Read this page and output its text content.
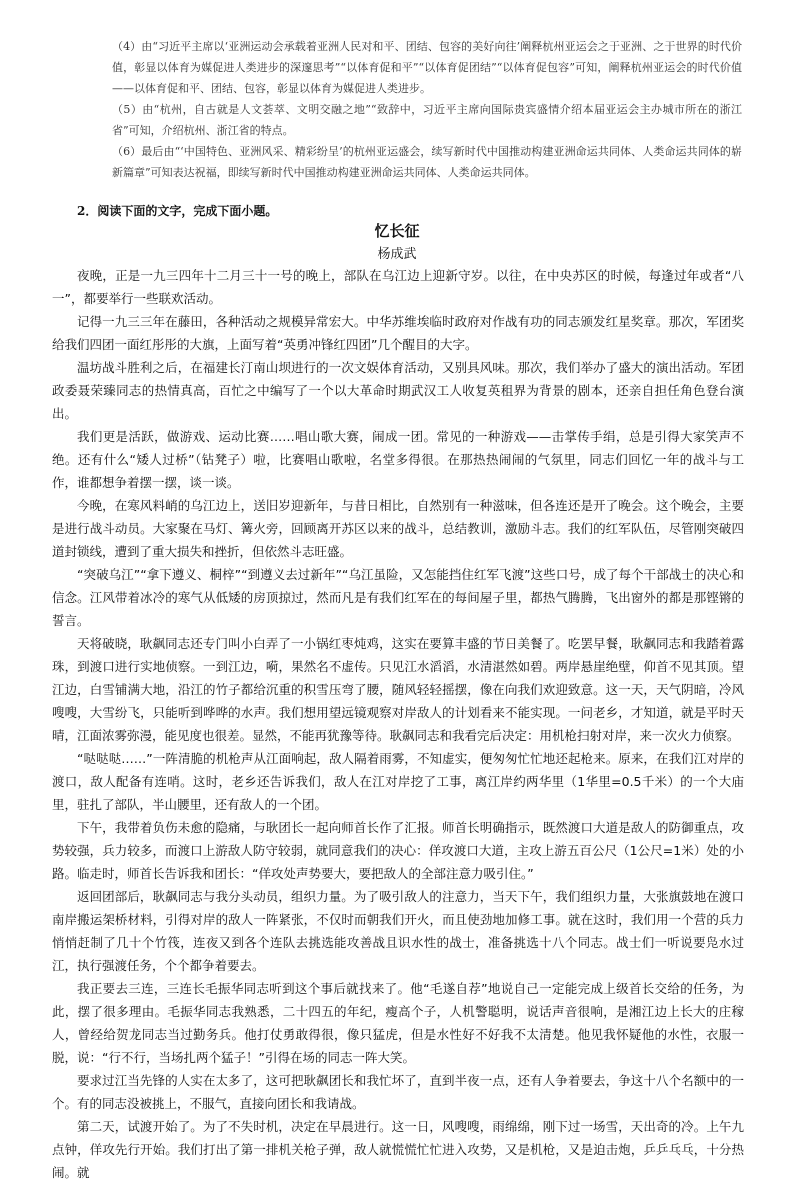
（4）由“习近平主席以‘亚洲运动会承载着亚洲人民对和平、团结、包容的美好向往’阐释杭州亚运会之于亚洲、之于世界的时代价值，彰显以体育为媒促进人类进步的深邃思考”“以体育促和平”“以体育促团结”“以体育促包容”可知，阐释杭州亚运会的时代价值——以体育促和平、团结、包容，彰显以体育为媒促进人类进步。

（5）由“杭州，自古就是人文荟萃、文明交融之地”“致辞中，习近平主席向国际贵宾盛情介绍本届亚运会主办城市所在的浙江省”可知，介绍杭州、浙江省的特点。

（6）最后由“‘中国特色、亚洲风采、精彩纷呈’的杭州亚运盛会，续写新时代中国推动构建亚洲命运共同体、人类命运共同体的崭新篇章”可知表达祝福，即续写新时代中国推动构建亚洲命运共同体、人类命运共同体。

2．阅读下面的文字，完成下面小题。
忆长征
杨成武

夜晚，正是一九三四年十二月三十一号的晚上，部队在乌江边上迎新守岁。以往，在中央苏区的时候，每逢过年或者“八一”，都要举行一些联欢活动。

记得一九三三年在藤田，各种活动之规模异常宏大。中华苏维埃临时政府对作战有功的同志颁发红星奖章。那次，军团奖给我们四团一面红彤彤的大旗，上面写着“英勇冲锋红四团”几个醒目的大字。

温坊战斗胜利之后，在福建长汀南山坝进行的一次文娱体育活动，又别具风味。那次，我们举办了盛大的演出活动。军团政委聂荣臻同志的热情真高，百忙之中编写了一个以大革命时期武汉工人收复英租界为背景的剧本，还亲自担任角色登台演出。

我们更是活跃，做游戏、运动比赛……唱山歌大赛，闹成一团。常见的一种游戏——击掌传手绢，总是引得大家笑声不绝。还有什么“矮人过桥”（钻凳子）啦，比赛唱山歌啦，名堂多得很。在那热热闹闹的气氛里，同志们回忆一年的战斗与工作，谁都想争着摆一摆，谈一谈。

今晚，在寒风料峭的乌江边上，送旧岁迎新年，与昔日相比，自然别有一种滋味，但各连还是开了晚会。这个晚会，主要是进行战斗动员。大家聚在马灯、篝火旁，回顾离开苏区以来的战斗，总结教训，激励斗志。我们的红军队伍，尽管刚突破四道封锁线，遭到了重大损失和挫折，但依然斗志旺盛。

“突破乌江”“拿下遵义、桐梓”“到遵义去过新年”“乌江虽险，又怎能挡住红军飞渡”这些口号，成了每个干部战士的决心和信念。江风带着冰冷的寒气从低矮的房顶掠过，然而凡是有我们红军在的每间屋子里，都热气腾腾，飞出窗外的都是那铿锵的誓言。

天将破晓，耿飙同志还专门叫小白弄了一小锅红枣炖鸡，这实在要算丰盛的节日美餐了。吃罢早餐，耿飙同志和我踏着露珠，到渡口进行实地侦察。一到江边，嗬，果然名不虚传。只见江水滔滔，水清湛然如碧。两岸悬崖绝壁，仰首不见其顶。望江边，白雪铺满大地，沿江的竹子都给沉重的积雪压弯了腰，随风轻轻摇摆，像在向我们欢迎致意。这一天，天气阴暗，冷风嗖嗖，大雪纷飞，只能听到哗哗的水声。我们想用望远镜观察对岸敌人的计划看来不能实现。一问老乡，才知道，就是平时天晴，江面浓雾弥漫，能见度也很差。显然，不能再犹豫等待。耿飙同志和我看完后决定：用机枪扫射对岸，来一次火力侦察。

“哒哒哒……”一阵清脆的机枪声从江面响起，敌人隔着雨雾，不知虚实，便匆匆忙忙地还起枪来。原来，在我们江对岸的渡口，敌人配备有连哨。这时，老乡还告诉我们，敌人在江对岸挖了工事，离江岸约两华里（1华里=0.5千米）的一个大庙里，驻扎了部队，半山腰里，还有敌人的一个团。

下午，我带着负伤未愈的隐痛，与耿团长一起向师首长作了汇报。师首长明确指示，既然渡口大道是敌人的防御重点，攻势较强，兵力较多，而渡口上游敌人防守较弱，就同意我们的决心：佯攻渡口大道，主攻上游五百公尺（1公尺=1米）处的小路。临走时，师首长告诉我和团长：“佯攻处声势要大，要把敌人的全部注意力吸引住。”

返回团部后，耿飙同志与我分头动员，组织力量。为了吸引敌人的注意力，当天下午，我们组织力量，大张旗鼓地在渡口南岸搬运架桥材料，引得对岸的敌人一阵紧张，不仅时而朝我们开火，而且使劲地加修工事。就在这时，我们用一个营的兵力悄悄赶制了几十个竹筏，连夜又到各个连队去挑选能攻善战且识水性的战士，准备挑选十八个同志。战士们一听说要凫水过江，执行强渡任务，个个都争着要去。

我正要去三连，三连长毛振华同志听到这个事后就找来了。他“毛遂自荐”地说自己一定能完成上级首长交给的任务，为此，摆了很多理由。毛振华同志我熟悉，二十四五的年纪，瘦高个子，人机警聪明，说话声音很响，是湘江边上长大的庄稼人，曾经给贺龙同志当过勤务兵。他打仗勇敢得很，像只猛虎，但是水性好不好我不太清楚。他见我怀疑他的水性，衣服一脱，说：“行不行，当场扎两个猛子！”引得在场的同志一阵大笑。

要求过江当先锋的人实在太多了，这可把耿飙团长和我忙坏了，直到半夜一点，还有人争着要去，争这十八个名额中的一个。有的同志没被挑上，不服气，直接向团长和我请战。

第二天，试渡开始了。为了不失时机，决定在早晨进行。这一日，风嗖嗖，雨绵绵，刚下过一场雪，天出奇的冷。上午九点钟，佯攻先行开始。我们打出了第一排机关枪子弹，敌人就慌慌忙忙进入攻势，又是机枪，又是迫击炮，乒乒乓乓，十分热闹。就
